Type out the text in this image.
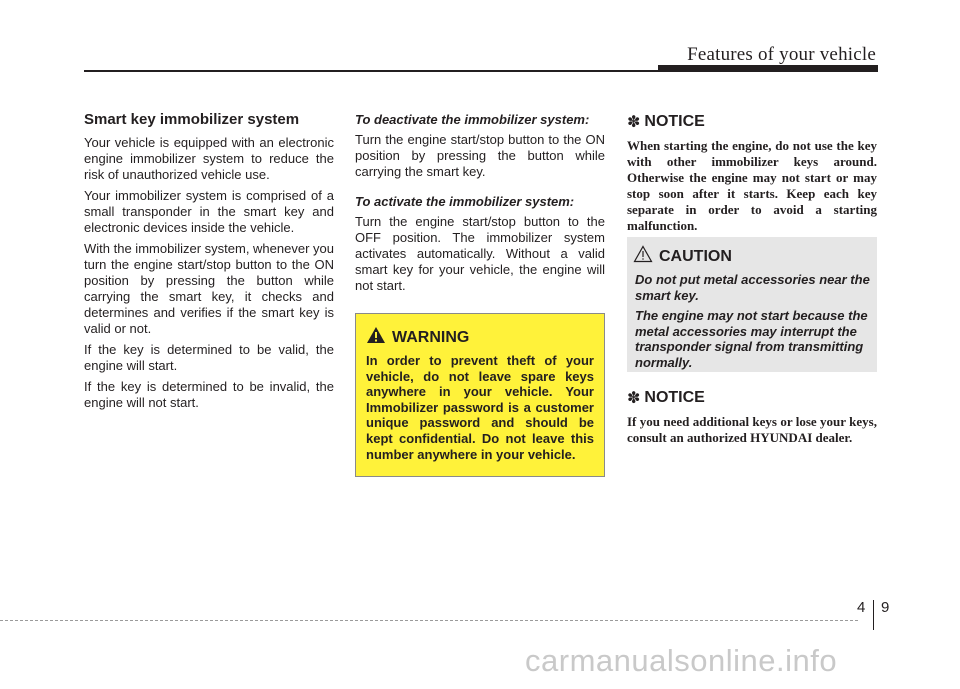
Features of your vehicle
Smart key immobilizer system

Your vehicle is equipped with an electronic engine immobilizer system to reduce the risk of unauthorized vehicle use.

Your immobilizer system is comprised of a small transponder in the smart key and electronic devices inside the vehicle.

With the immobilizer system, whenever you turn the engine start/stop button to the ON position by pressing the button while carrying the smart key, it checks and determines and verifies if the smart key is valid or not.

If the key is determined to be valid, the engine will start.

If the key is determined to be invalid, the engine will not start.

To deactivate the immobilizer system:

Turn the engine start/stop button to the ON position by pressing the button while carrying the smart key.

To activate the immobilizer system:

Turn the engine start/stop button to the OFF position. The immobilizer system activates automatically. Without a valid smart key for your vehicle, the engine will not start.

WARNING

In order to prevent theft of your vehicle, do not leave spare keys anywhere in your vehicle. Your Immobilizer password is a customer unique password and should be kept confidential. Do not leave this number anywhere in your vehicle.

✽ NOTICE

When starting the engine, do not use the key with other immobilizer keys around. Otherwise the engine may not start or may stop soon after it starts. Keep each key separate in order to avoid a starting malfunction.

CAUTION

Do not put metal accessories near the smart key.

The engine may not start because the metal accessories may interrupt the transponder signal from transmitting normally.

✽ NOTICE

If you need additional keys or lose your keys, consult an authorized HYUNDAI dealer.

4 9
carmanualsonline.info
